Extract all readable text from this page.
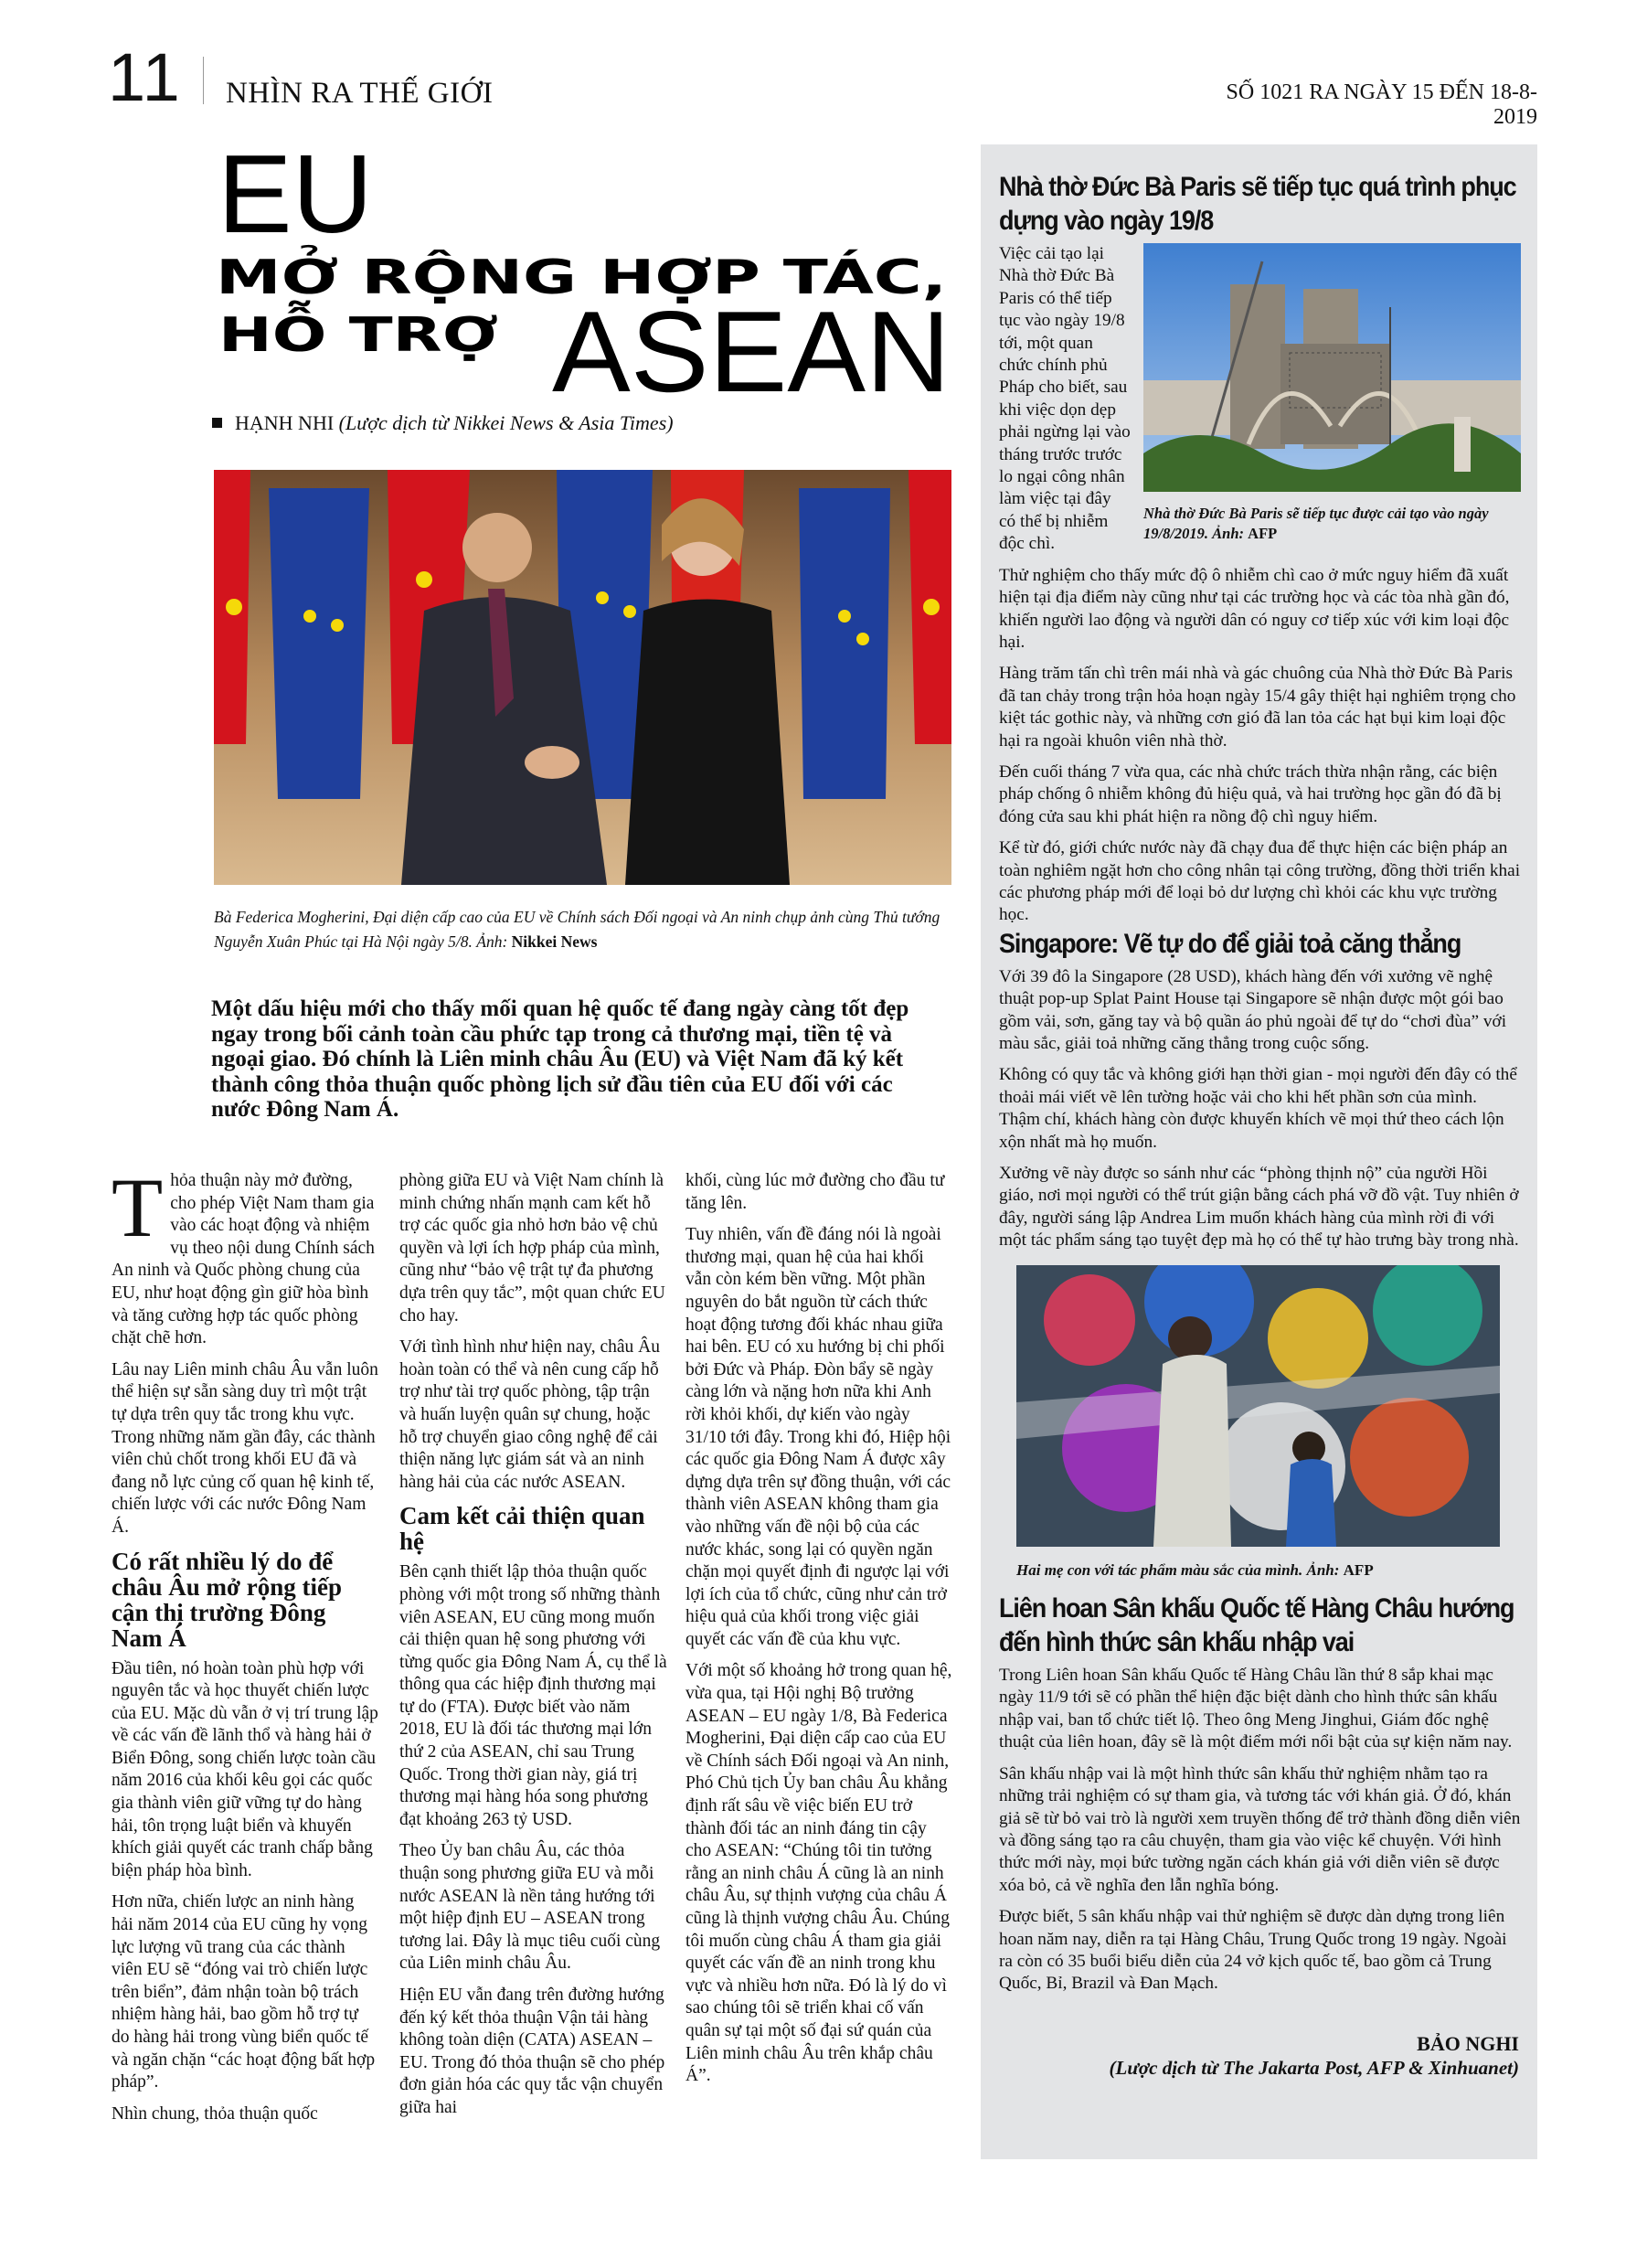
11 NHÌN RA THẾ GIỚI	SỐ 1021 RA NGÀY 15 ĐẾN 18-8-2019
EU
MỞ RỘNG HỢP TÁC,
HỖ TRỢ	ASEAN
HẠNH NHI (Lược dịch từ Nikkei News & Asia Times)
Bà Federica Mogherini, Đại diện cấp cao của EU về Chính sách Đối ngoại và An ninh chụp ảnh cùng Thủ tướng Nguyễn Xuân Phúc tại Hà Nội ngày 5/8. Ảnh: Nikkei News
Một dấu hiệu mới cho thấy mối quan hệ quốc tế đang ngày càng tốt đẹp ngay trong bối cảnh toàn cầu phức tạp trong cả thương mại, tiền tệ và ngoại giao. Đó chính là Liên minh châu Âu (EU) và Việt Nam đã ký kết thành công thỏa thuận quốc phòng lịch sử đầu tiên của EU đối với các nước Đông Nam Á.

Thỏa thuận này mở đường, cho phép Việt Nam tham gia vào các hoạt động và nhiệm vụ theo nội dung Chính sách An ninh và Quốc phòng chung của EU, như hoạt động gìn giữ hòa bình và tăng cường hợp tác quốc phòng chặt chẽ hơn.

Lâu nay Liên minh châu Âu vẫn luôn thể hiện sự sẵn sàng duy trì một trật tự dựa trên quy tắc trong khu vực. Trong những năm gần đây, các thành viên chủ chốt trong khối EU đã và đang nỗ lực củng cố quan hệ kinh tế, chiến lược với các nước Đông Nam Á.

Có rất nhiều lý do để châu Âu mở rộng tiếp cận thị trường Đông Nam Á

Đầu tiên, nó hoàn toàn phù hợp với nguyên tắc và học thuyết chiến lược của EU. Mặc dù vẫn ở vị trí trung lập về các vấn đề lãnh thổ và hàng hải ở Biển Đông, song chiến lược toàn cầu năm 2016 của khối kêu gọi các quốc gia thành viên giữ vững tự do hàng hải, tôn trọng luật biển và khuyến khích giải quyết các tranh chấp bằng biện pháp hòa bình.

Hơn nữa, chiến lược an ninh hàng hải năm 2014 của EU cũng hy vọng lực lượng vũ trang của các thành viên EU sẽ “đóng vai trò chiến lược trên biển”, đảm nhận toàn bộ trách nhiệm hàng hải, bao gồm hỗ trợ tự do hàng hải trong vùng biển quốc tế và ngăn chặn “các hoạt động bất hợp pháp”.

Nhìn chung, thỏa thuận quốc

phòng giữa EU và Việt Nam chính là minh chứng nhấn mạnh cam kết hỗ trợ các quốc gia nhỏ hơn bảo vệ chủ quyền và lợi ích hợp pháp của mình, cũng như “bảo vệ trật tự đa phương dựa trên quy tắc”, một quan chức EU cho hay.

Với tình hình như hiện nay, châu Âu hoàn toàn có thể và nên cung cấp hỗ trợ như tài trợ quốc phòng, tập trận và huấn luyện quân sự chung, hoặc hỗ trợ chuyển giao công nghệ để cải thiện năng lực giám sát và an ninh hàng hải của các nước ASEAN.

Cam kết cải thiện quan hệ

Bên cạnh thiết lập thỏa thuận quốc phòng với một trong số những thành viên ASEAN, EU cũng mong muốn cải thiện quan hệ song phương với từng quốc gia Đông Nam Á, cụ thể là thông qua các hiệp định thương mại tự do (FTA). Được biết vào năm 2018, EU là đối tác thương mại lớn thứ 2 của ASEAN, chỉ sau Trung Quốc. Trong thời gian này, giá trị thương mại hàng hóa song phương đạt khoảng 263 tỷ USD.

Theo Ủy ban châu Âu, các thỏa thuận song phương giữa EU và mỗi nước ASEAN là nền tảng hướng tới một hiệp định EU – ASEAN trong tương lai. Đây là mục tiêu cuối cùng của Liên minh châu Âu.

Hiện EU vẫn đang trên đường hướng đến ký kết thỏa thuận Vận tải hàng không toàn diện (CATA) ASEAN – EU. Trong đó thỏa thuận sẽ cho phép đơn giản hóa các quy tắc vận chuyển giữa hai

khối, cùng lúc mở đường cho đầu tư tăng lên.

Tuy nhiên, vấn đề đáng nói là ngoài thương mại, quan hệ của hai khối vẫn còn kém bền vững. Một phần nguyên do bắt nguồn từ cách thức hoạt động tương đối khác nhau giữa hai bên. EU có xu hướng bị chi phối bởi Đức và Pháp. Đòn bẩy sẽ ngày càng lớn và nặng hơn nữa khi Anh rời khỏi khối, dự kiến vào ngày 31/10 tới đây. Trong khi đó, Hiệp hội các quốc gia Đông Nam Á được xây dựng dựa trên sự đồng thuận, với các thành viên ASEAN không tham gia vào những vấn đề nội bộ của các nước khác, song lại có quyền ngăn chặn mọi quyết định đi ngược lại với lợi ích của tổ chức, cũng như cản trở hiệu quả của khối trong việc giải quyết các vấn đề của khu vực.

Với một số khoảng hở trong quan hệ, vừa qua, tại Hội nghị Bộ trưởng ASEAN – EU ngày 1/8, Bà Federica Mogherini, Đại diện cấp cao của EU về Chính sách Đối ngoại và An ninh, Phó Chủ tịch Ủy ban châu Âu khẳng định rất sâu về việc biến EU trở thành đối tác an ninh đáng tin cậy cho ASEAN: “Chúng tôi tin tưởng rằng an ninh châu Á cũng là an ninh châu Âu, sự thịnh vượng của châu Á cũng là thịnh vượng châu Âu. Chúng tôi muốn cùng châu Á tham gia giải quyết các vấn đề an ninh trong khu vực và nhiều hơn nữa. Đó là lý do vì sao chúng tôi sẽ triển khai cố vấn quân sự tại một số đại sứ quán của Liên minh châu Âu trên khắp châu Á”.

Nhà thờ Đức Bà Paris sẽ tiếp tục quá trình phục dựng vào ngày 19/8
Nhà thờ Đức Bà Paris sẽ tiếp tục được cải tạo vào ngày 19/8/2019. Ảnh: AFP

Việc cải tạo lại Nhà thờ Đức Bà Paris có thể tiếp tục vào ngày 19/8 tới, một quan chức chính phủ Pháp cho biết, sau khi việc dọn dẹp phải ngừng lại vào tháng trước trước lo ngại công nhân làm việc tại đây có thể bị nhiễm độc chì.

Thử nghiệm cho thấy mức độ ô nhiễm chì cao ở mức nguy hiểm đã xuất hiện tại địa điểm này cũng như tại các trường học và các tòa nhà gần đó, khiến người lao động và người dân có nguy cơ tiếp xúc với kim loại độc hại.

Hàng trăm tấn chì trên mái nhà và gác chuông của Nhà thờ Đức Bà Paris đã tan chảy trong trận hỏa hoạn ngày 15/4 gây thiệt hại nghiêm trọng cho kiệt tác gothic này, và những cơn gió đã lan tỏa các hạt bụi kim loại độc hại ra ngoài khuôn viên nhà thờ.

Đến cuối tháng 7 vừa qua, các nhà chức trách thừa nhận rằng, các biện pháp chống ô nhiễm không đủ hiệu quả, và hai trường học gần đó đã bị đóng cửa sau khi phát hiện ra nồng độ chì nguy hiểm.

Kể từ đó, giới chức nước này đã chạy đua để thực hiện các biện pháp an toàn nghiêm ngặt hơn cho công nhân tại công trường, đồng thời triển khai các phương pháp mới để loại bỏ dư lượng chì khỏi các khu vực trường học.

Singapore: Vẽ tự do để giải toả căng thẳng

Với 39 đô la Singapore (28 USD), khách hàng đến với xưởng vẽ nghệ thuật pop-up Splat Paint House tại Singapore sẽ nhận được một gói bao gồm vải, sơn, găng tay và bộ quần áo phủ ngoài để tự do “chơi đùa” với màu sắc, giải toả những căng thẳng trong cuộc sống.

Không có quy tắc và không giới hạn thời gian - mọi người đến đây có thể thoải mái viết vẽ lên tường hoặc vải cho khi hết phần sơn của mình. Thậm chí, khách hàng còn được khuyến khích vẽ mọi thứ theo cách lộn xộn nhất mà họ muốn.

Xưởng vẽ này được so sánh như các “phòng thịnh nộ” của người Hồi giáo, nơi mọi người có thể trút giận bằng cách phá vỡ đồ vật. Tuy nhiên ở đây, người sáng lập Andrea Lim muốn khách hàng của mình rời đi với một tác phẩm sáng tạo tuyệt đẹp mà họ có thể tự hào trưng bày trong nhà.

Hai mẹ con với tác phẩm màu sắc của mình. Ảnh: AFP
Liên hoan Sân khấu Quốc tế Hàng Châu hướng đến hình thức sân khấu nhập vai

Trong Liên hoan Sân khấu Quốc tế Hàng Châu lần thứ 8 sắp khai mạc ngày 11/9 tới sẽ có phần thể hiện đặc biệt dành cho hình thức sân khấu nhập vai, ban tổ chức tiết lộ. Theo ông Meng Jinghui, Giám đốc nghệ thuật của liên hoan, đây sẽ là một điểm mới nổi bật của sự kiện năm nay.

Sân khấu nhập vai là một hình thức sân khấu thử nghiệm nhằm tạo ra những trải nghiệm có sự tham gia, và tương tác với khán giả. Ở đó, khán giả sẽ từ bỏ vai trò là người xem truyền thống để trở thành đồng diễn viên và đồng sáng tạo ra câu chuyện, tham gia vào việc kể chuyện. Với hình thức mới này, mọi bức tường ngăn cách khán giả với diễn viên sẽ được xóa bỏ, cả về nghĩa đen lẫn nghĩa bóng.

Được biết, 5 sân khấu nhập vai thử nghiệm sẽ được dàn dựng trong liên hoan năm nay, diễn ra tại Hàng Châu, Trung Quốc trong 19 ngày. Ngoài ra còn có 35 buổi biểu diễn của 24 vở kịch quốc tế, bao gồm cả Trung Quốc, Bỉ, Brazil và Đan Mạch.

BẢO NGHI
(Lược dịch từ The Jakarta Post, AFP & Xinhuanet)
